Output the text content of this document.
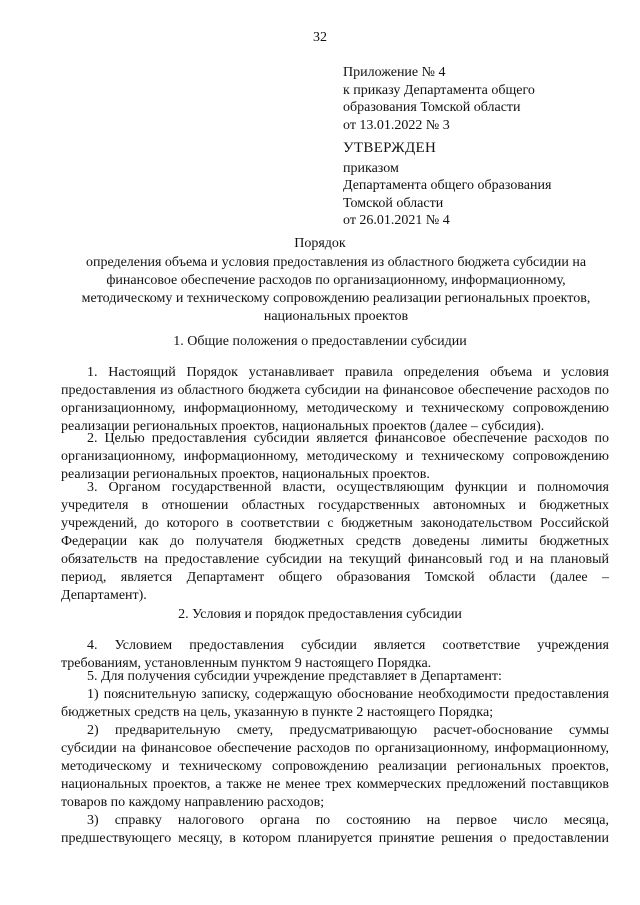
32
Приложение № 4
к приказу Департамента общего
образования Томской области
от 13.01.2022 № 3
УТВЕРЖДЕН
приказом
Департамента общего образования
Томской области
от 26.01.2021 № 4
Порядок
определения объема и условия предоставления из областного бюджета субсидии на
финансовое обеспечение расходов по организационному, информационному,
методическому и техническому сопровождению реализации региональных проектов,
национальных проектов
1. Общие положения о предоставлении субсидии
1. Настоящий Порядок устанавливает правила определения объема и условия
предоставления из областного бюджета субсидии на финансовое обеспечение расходов по
организационному, информационному, методическому и техническому сопровождению
реализации региональных проектов, национальных проектов (далее – субсидия).
2. Целью предоставления субсидии является финансовое обеспечение расходов по
организационному, информационному, методическому и техническому сопровождению
реализации региональных проектов, национальных проектов.
3. Органом государственной власти, осуществляющим функции и полномочия
учредителя в отношении областных государственных автономных и бюджетных
учреждений, до которого в соответствии с бюджетным законодательством Российской
Федерации как до получателя бюджетных средств доведены лимиты бюджетных
обязательств на предоставление субсидии на текущий финансовый год и на плановый
период, является Департамент общего образования Томской области (далее –
Департамент).
2. Условия и порядок предоставления субсидии
4. Условием предоставления субсидии является соответствие учреждения
требованиям, установленным пунктом 9 настоящего Порядка.
5. Для получения субсидии учреждение представляет в Департамент:
1) пояснительную записку, содержащую обоснование необходимости предоставления
бюджетных средств на цель, указанную в пункте 2 настоящего Порядка;
2) предварительную смету, предусматривающую расчет-обоснование суммы
субсидии на финансовое обеспечение расходов по организационному, информационному,
методическому и техническому сопровождению реализации региональных проектов,
национальных проектов, а также не менее трех коммерческих предложений поставщиков
товаров по каждому направлению расходов;
3) справку налогового органа по состоянию на первое число месяца,
предшествующего месяцу, в котором планируется принятие решения о предоставлении
